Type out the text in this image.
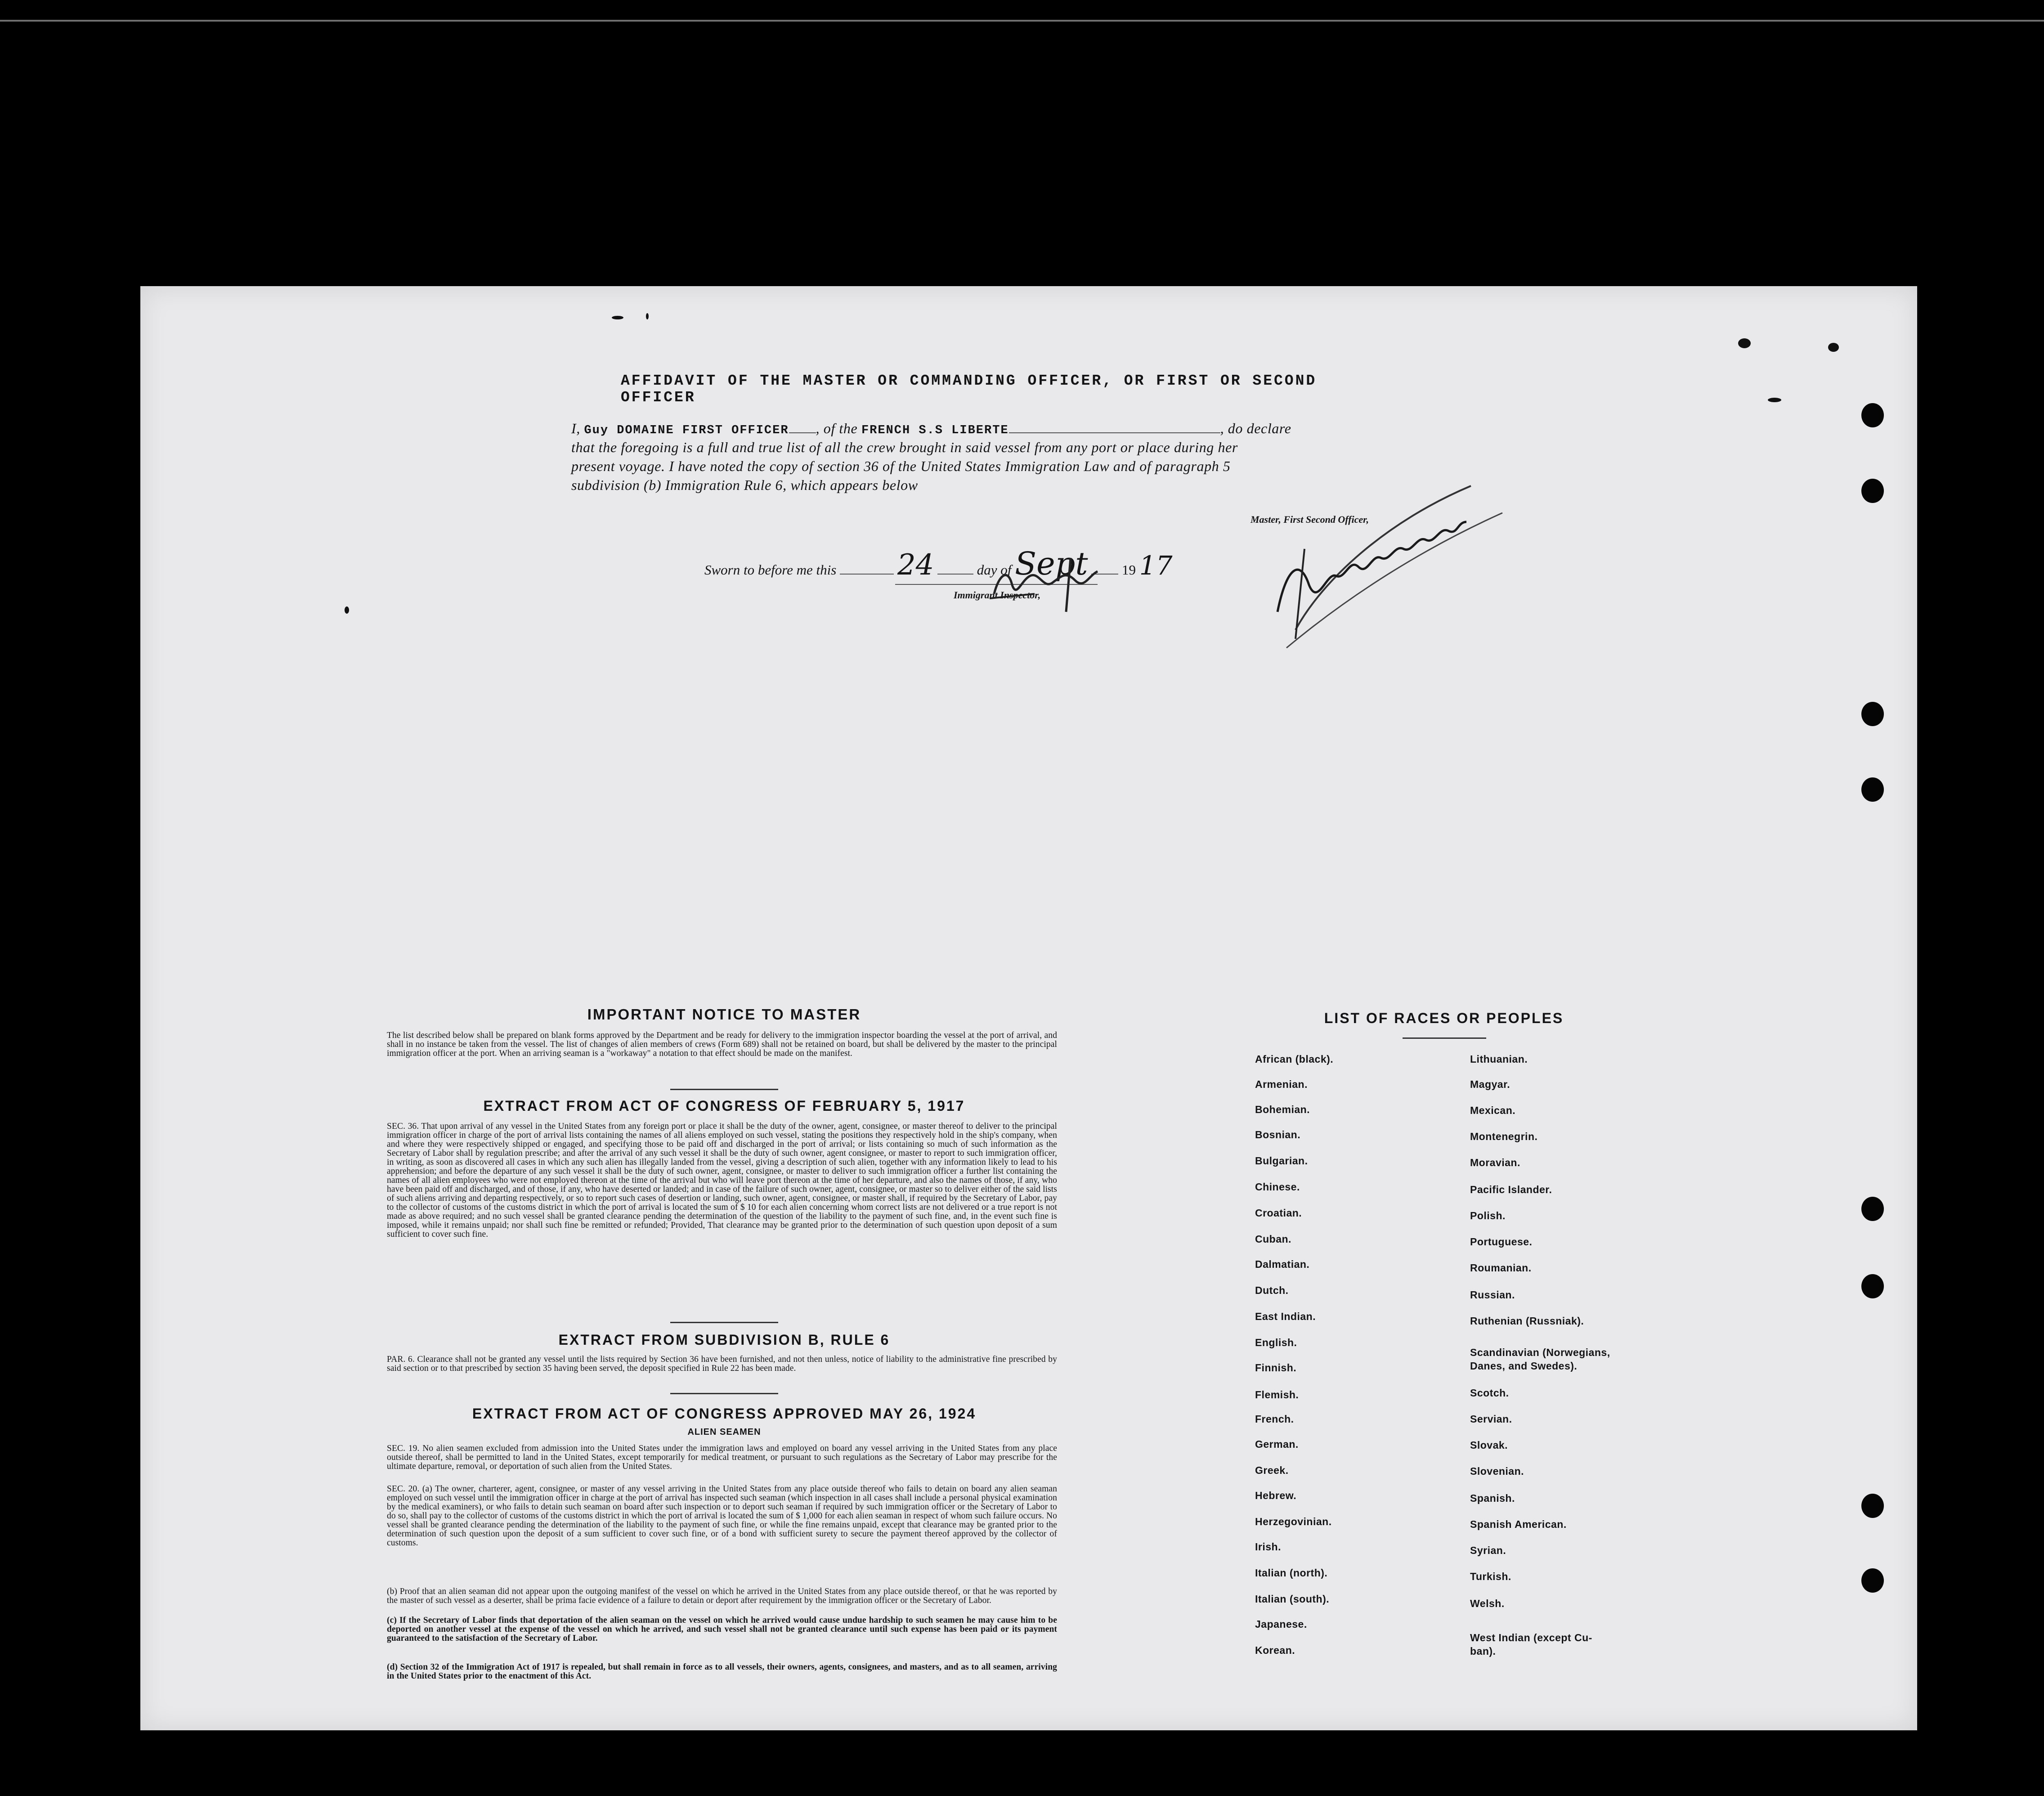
AFFIDAVIT OF THE MASTER OR COMMANDING OFFICER, OR FIRST OR SECOND OFFICER
I, Guy DOMAINE FIRST OFFICER , of the FRENCH S.S LIBERTE	, do declare
that the foregoing is a full and true list of all the crew brought in said vessel from any port or place during her
present voyage. I have noted the copy of section 36 of the United States Immigration Law and of paragraph 5
subdivision (b) Immigration Rule 6, which appears below
Master, First Second Officer,
Sworn to before me this 24	day of Sept 19 17
Immigrant Inspector,
IMPORTANT NOTICE TO MASTER
The list described below shall be prepared on blank forms approved by the Department and be ready for delivery to the immigration inspector boarding the vessel at the port of arrival, and shall in no instance be taken from the vessel. The list of changes of alien members of crews (Form 689) shall not be retained on board, but shall be delivered by the master to the principal immigration officer at the port. When an arriving seaman is a "workaway" a notation to that effect should be made on the manifest.
EXTRACT FROM ACT OF CONGRESS OF FEBRUARY 5, 1917
SEC. 36. That upon arrival of any vessel in the United States from any foreign port or place it shall be the duty of the owner, agent, consignee, or master thereof to deliver to the principal immigration officer in charge of the port of arrival lists containing the names of all aliens employed on such vessel, stating the positions they respectively hold in the ship's company, when and where they were respectively shipped or engaged, and specifying those to be paid off and discharged in the port of arrival; or lists containing so much of such information as the Secretary of Labor shall by regulation prescribe; and after the arrival of any such vessel it shall be the duty of such owner, agent consignee, or master to report to such immigration officer, in writing, as soon as discovered all cases in which any such alien has illegally landed from the vessel, giving a description of such alien, together with any information likely to lead to his apprehension; and before the departure of any such vessel it shall be the duty of such owner, agent, consignee, or master to deliver to such immigration officer a further list containing the names of all alien employees who were not employed thereon at the time of the arrival but who will leave port thereon at the time of her departure, and also the names of those, if any, who have been paid off and discharged, and of those, if any, who have deserted or landed; and in case of the failure of such owner, agent, consignee, or master so to deliver either of the said lists of such aliens arriving and departing respectively, or so to report such cases of desertion or landing, such owner, agent, consignee, or master shall, if required by the Secretary of Labor, pay to the collector of customs of the customs district in which the port of arrival is located the sum of $ 10 for each alien concerning whom correct lists are not delivered or a true report is not made as above required; and no such vessel shall be granted clearance pending the determination of the question of the liability to the payment of such fine, and, in the event such fine is imposed, while it remains unpaid; nor shall such fine be remitted or refunded; Provided, That clearance may be granted prior to the determination of such question upon deposit of a sum sufficient to cover such fine.
EXTRACT FROM SUBDIVISION B, RULE 6
PAR. 6. Clearance shall not be granted any vessel until the lists required by Section 36 have been furnished, and not then unless, notice of liability to the administrative fine prescribed by said section or to that prescribed by section 35 having been served, the deposit specified in Rule 22 has been made.
EXTRACT FROM ACT OF CONGRESS APPROVED MAY 26, 1924
ALIEN SEAMEN
SEC. 19. No alien seamen excluded from admission into the United States under the immigration laws and employed on board any vessel arriving in the United States from any place outside thereof, shall be permitted to land in the United States, except temporarily for medical treatment, or pursuant to such regulations as the Secretary of Labor may prescribe for the ultimate departure, removal, or deportation of such alien from the United States.
SEC. 20. (a) The owner, charterer, agent, consignee, or master of any vessel arriving in the United States from any place outside thereof who fails to detain on board any alien seaman employed on such vessel until the immigration officer in charge at the port of arrival has inspected such seaman (which inspection in all cases shall include a personal physical examination by the medical examiners), or who fails to detain such seaman on board after such inspection or to deport such seaman if required by such immigration officer or the Secretary of Labor to do so, shall pay to the collector of customs of the customs district in which the port of arrival is located the sum of $ 1,000 for each alien seaman in respect of whom such failure occurs. No vessel shall be granted clearance pending the determination of the liability to the payment of such fine, or while the fine remains unpaid, except that clearance may be granted prior to the determination of such question upon the deposit of a sum sufficient to cover such fine, or of a bond with sufficient surety to secure the payment thereof approved by the collector of customs.
(b) Proof that an alien seaman did not appear upon the outgoing manifest of the vessel on which he arrived in the United States from any place outside thereof, or that he was reported by the master of such vessel as a deserter, shall be prima facie evidence of a failure to detain or deport after requirement by the immigration officer or the Secretary of Labor.
(c) If the Secretary of Labor finds that deportation of the alien seaman on the vessel on which he arrived would cause undue hardship to such seamen he may cause him to be deported on another vessel at the expense of the vessel on which he arrived, and such vessel shall not be granted clearance until such expense has been paid or its payment guaranteed to the satisfaction of the Secretary of Labor.
(d) Section 32 of the Immigration Act of 1917 is repealed, but shall remain in force as to all vessels, their owners, agents, consignees, and masters, and as to all seamen, arriving in the United States prior to the enactment of this Act.
LIST OF RACES OR PEOPLES
African (black).
Armenian.
Bohemian.
Bosnian.
Bulgarian.
Chinese.
Croatian.
Cuban.
Dalmatian.
Dutch.
East Indian.
English.
Finnish.
Flemish.
French.
German.
Greek.
Hebrew.
Herzegovinian.
Irish.
Italian (north).
Italian (south).
Japanese.
Korean.
Lithuanian.
Magyar.
Mexican.
Montenegrin.
Moravian.
Pacific Islander.
Polish.
Portuguese.
Roumanian.
Russian.
Ruthenian (Russniak).
Scandinavian (Norwegians,
Danes, and Swedes).
Scotch.
Servian.
Slovak.
Slovenian.
Spanish.
Spanish American.
Syrian.
Turkish.
Welsh.
West Indian (except Cu-
ban).
